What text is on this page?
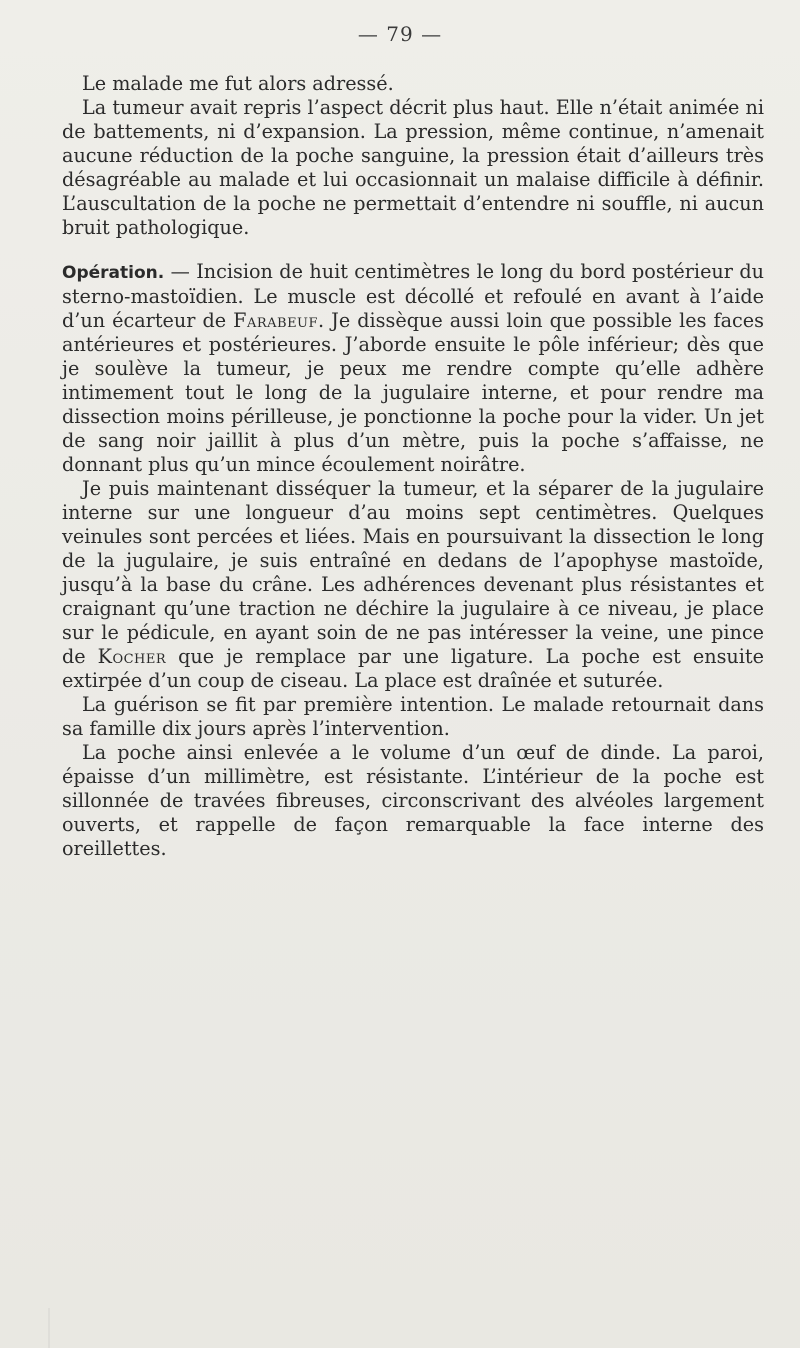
— 79 —

Le malade me fut alors adressé.

La tumeur avait repris l’aspect décrit plus haut. Elle n’était animée ni de battements, ni d’expansion. La pression, même continue, n’amenait aucune réduction de la poche sanguine, la pression était d’ailleurs très désagréable au malade et lui occasionnait un malaise difficile à définir. L’auscultation de la poche ne permettait d’entendre ni souffle, ni aucun bruit pathologique.

Opération. — Incision de huit centimètres le long du bord postérieur du sterno-mastoïdien. Le muscle est décollé et refoulé en avant à l’aide d’un écarteur de Farabeuf. Je dissèque aussi loin que possible les faces antérieures et postérieures. J’aborde ensuite le pôle inférieur; dès que je soulève la tumeur, je peux me rendre compte qu’elle adhère intimement tout le long de la jugulaire interne, et pour rendre ma dissection moins périlleuse, je ponctionne la poche pour la vider. Un jet de sang noir jaillit à plus d’un mètre, puis la poche s’affaisse, ne donnant plus qu’un mince écoulement noirâtre.

Je puis maintenant disséquer la tumeur, et la séparer de la jugulaire interne sur une longueur d’au moins sept centimètres. Quelques veinules sont percées et liées. Mais en poursuivant la dissection le long de la jugulaire, je suis entraîné en dedans de l’apophyse mastoïde, jusqu’à la base du crâne. Les adhérences devenant plus résistantes et craignant qu’une traction ne déchire la jugulaire à ce niveau, je place sur le pédicule, en ayant soin de ne pas intéresser la veine, une pince de Kocher que je remplace par une ligature. La poche est ensuite extirpée d’un coup de ciseau. La place est draînée et suturée.

La guérison se fit par première intention. Le malade retournait dans sa famille dix jours après l’intervention.

La poche ainsi enlevée a le volume d’un œuf de dinde. La paroi, épaisse d’un millimètre, est résistante. L’intérieur de la poche est sillonnée de travées fibreuses, circonscrivant des alvéoles largement ouverts, et rappelle de façon remarquable la face interne des oreillettes.
